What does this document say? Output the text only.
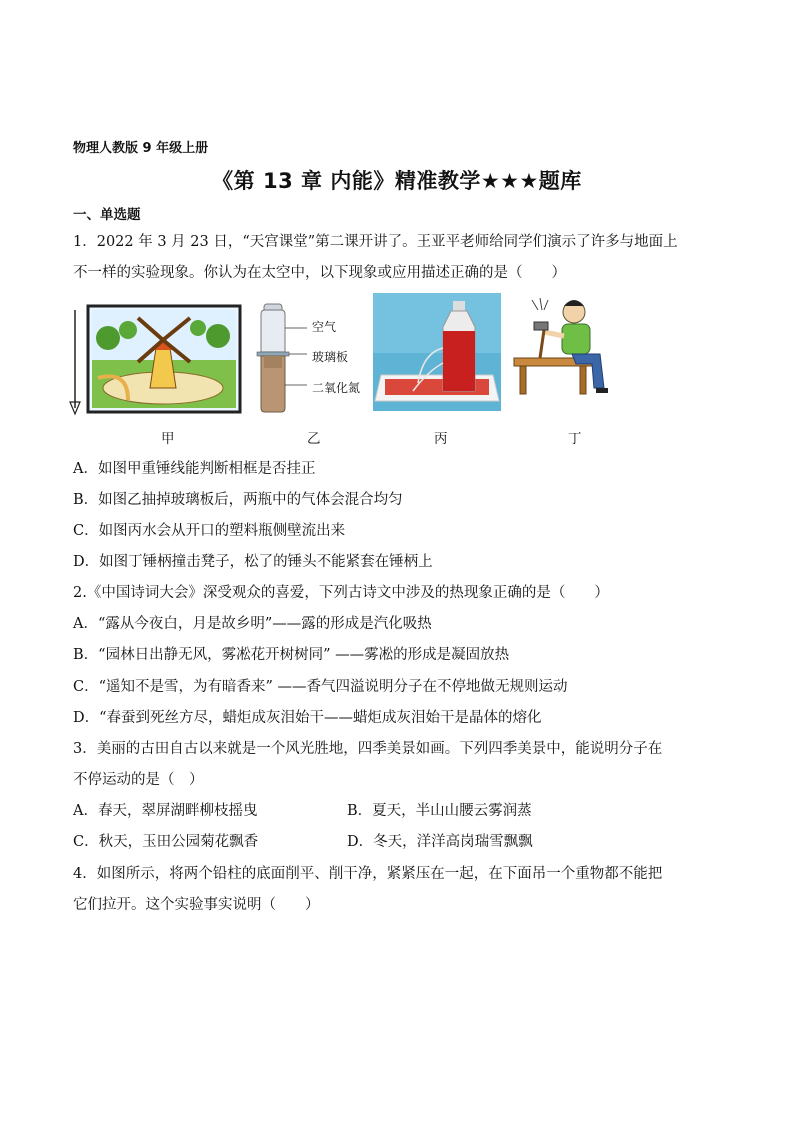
物理人教版 9 年级上册
《第 13 章 内能》精准教学★★★题库
一、单选题
1．2022 年 3 月 23 日，“天宫课堂”第二课开讲了。王亚平老师给同学们演示了许多与地面上
不一样的实验现象。你认为在太空中，以下现象或应用描述正确的是（　　）
甲
空气
玻璃板
二氧化氮
乙	丙	丁
A．如图甲重锤线能判断相框是否挂正
B．如图乙抽掉玻璃板后，两瓶中的气体会混合均匀
C．如图丙水会从开口的塑料瓶侧壁流出来
D．如图丁锤柄撞击凳子，松了的锤头不能紧套在锤柄上
2.《中国诗词大会》深受观众的喜爱，下列古诗文中涉及的热现象正确的是（　　）
A．“露从今夜白，月是故乡明”——露的形成是汽化吸热
B．“园林日出静无风，雾凇花开树树同” ——雾凇的形成是凝固放热
C．“遥知不是雪，为有暗香来” ——香气四溢说明分子在不停地做无规则运动
D．“春蚕到死丝方尽，蜡炬成灰泪始干——蜡炬成灰泪始干是晶体的熔化
3．美丽的古田自古以来就是一个风光胜地，四季美景如画。下列四季美景中，能说明分子在
不停运动的是（　）
A．春天，翠屏湖畔柳枝摇曳	B．夏天，半山山腰云雾润蒸
C．秋天，玉田公园菊花飘香	D．冬天，洋洋高岗瑞雪飘飘
4．如图所示，将两个铅柱的底面削平、削干净，紧紧压在一起，在下面吊一个重物都不能把
它们拉开。这个实验事实说明（　　）
